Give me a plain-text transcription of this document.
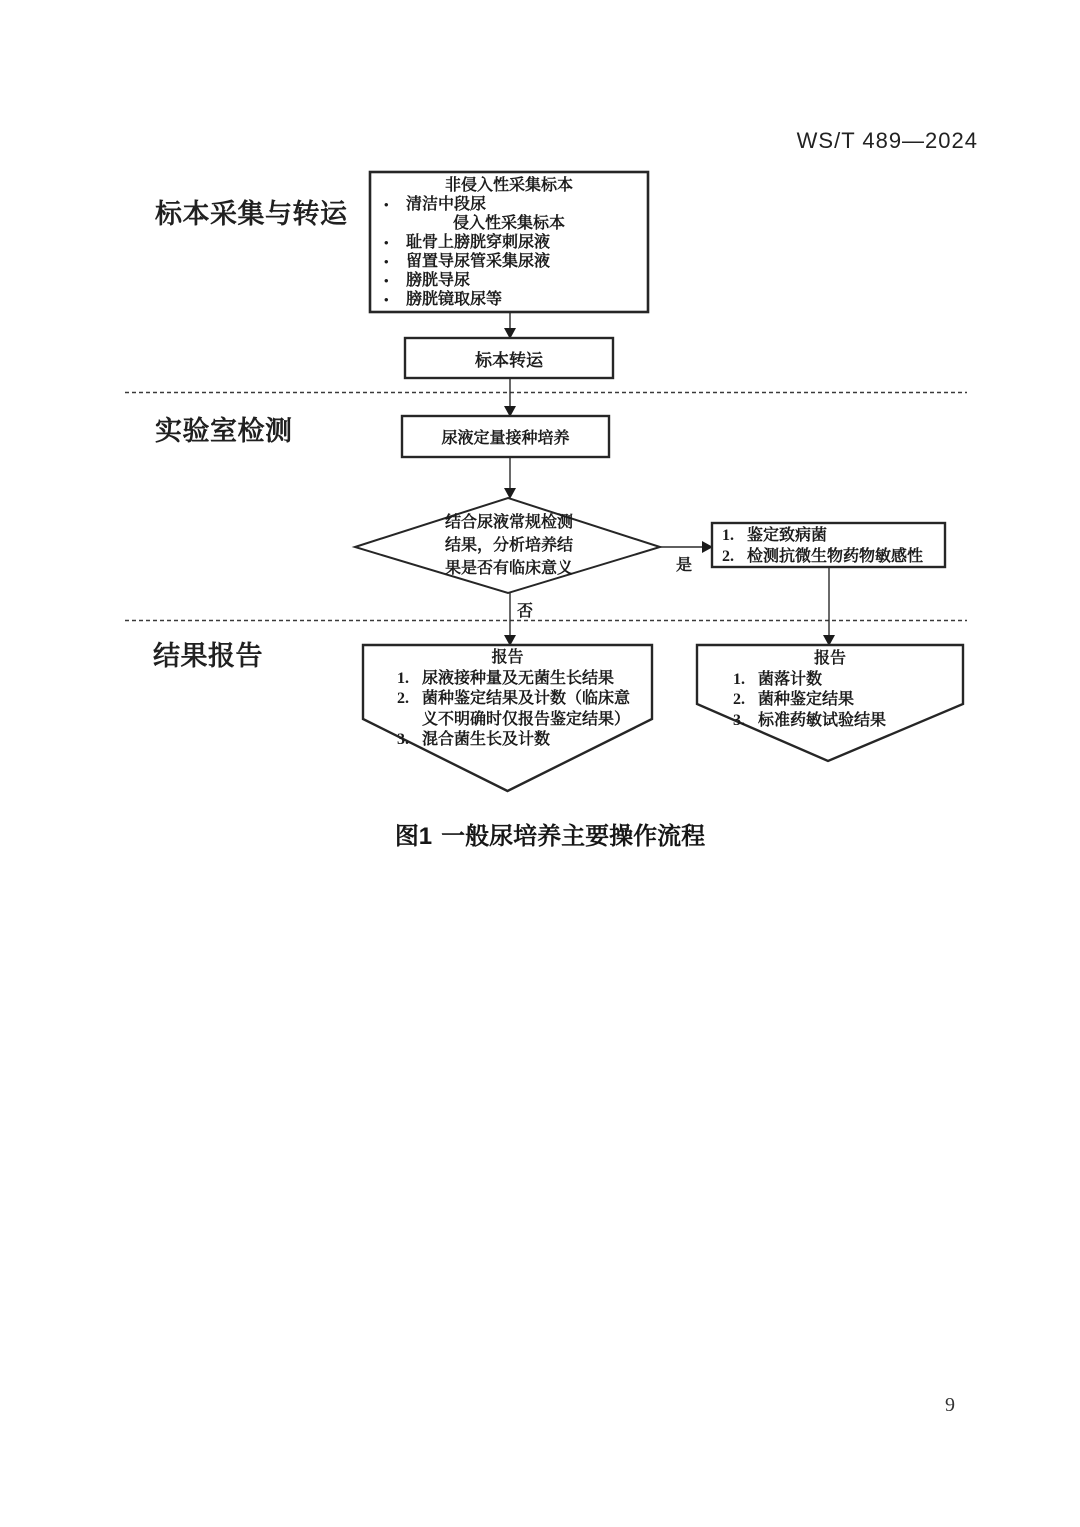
WS/T 489—2024
标本采集与转运
实验室检测
结果报告
非侵入性采集标本
•	清洁中段尿
侵入性采集标本
•	耻骨上膀胱穿刺尿液
•	留置导尿管采集尿液
•	膀胱导尿
•	膀胱镜取尿等
标本转运
尿液定量接种培养
结合尿液常规检测
结果，分析培养结
果是否有临床意义	是
否
1. 鉴定致病菌
2. 检测抗微生物药物敏感性
报告
1. 尿液接种量及无菌生长结果
2. 菌种鉴定结果及计数（临床意
义不明确时仅报告鉴定结果）
3. 混合菌生长及计数
报告
1. 菌落计数
2. 菌种鉴定结果
3. 标准药敏试验结果
图1 一般尿培养主要操作流程
9
